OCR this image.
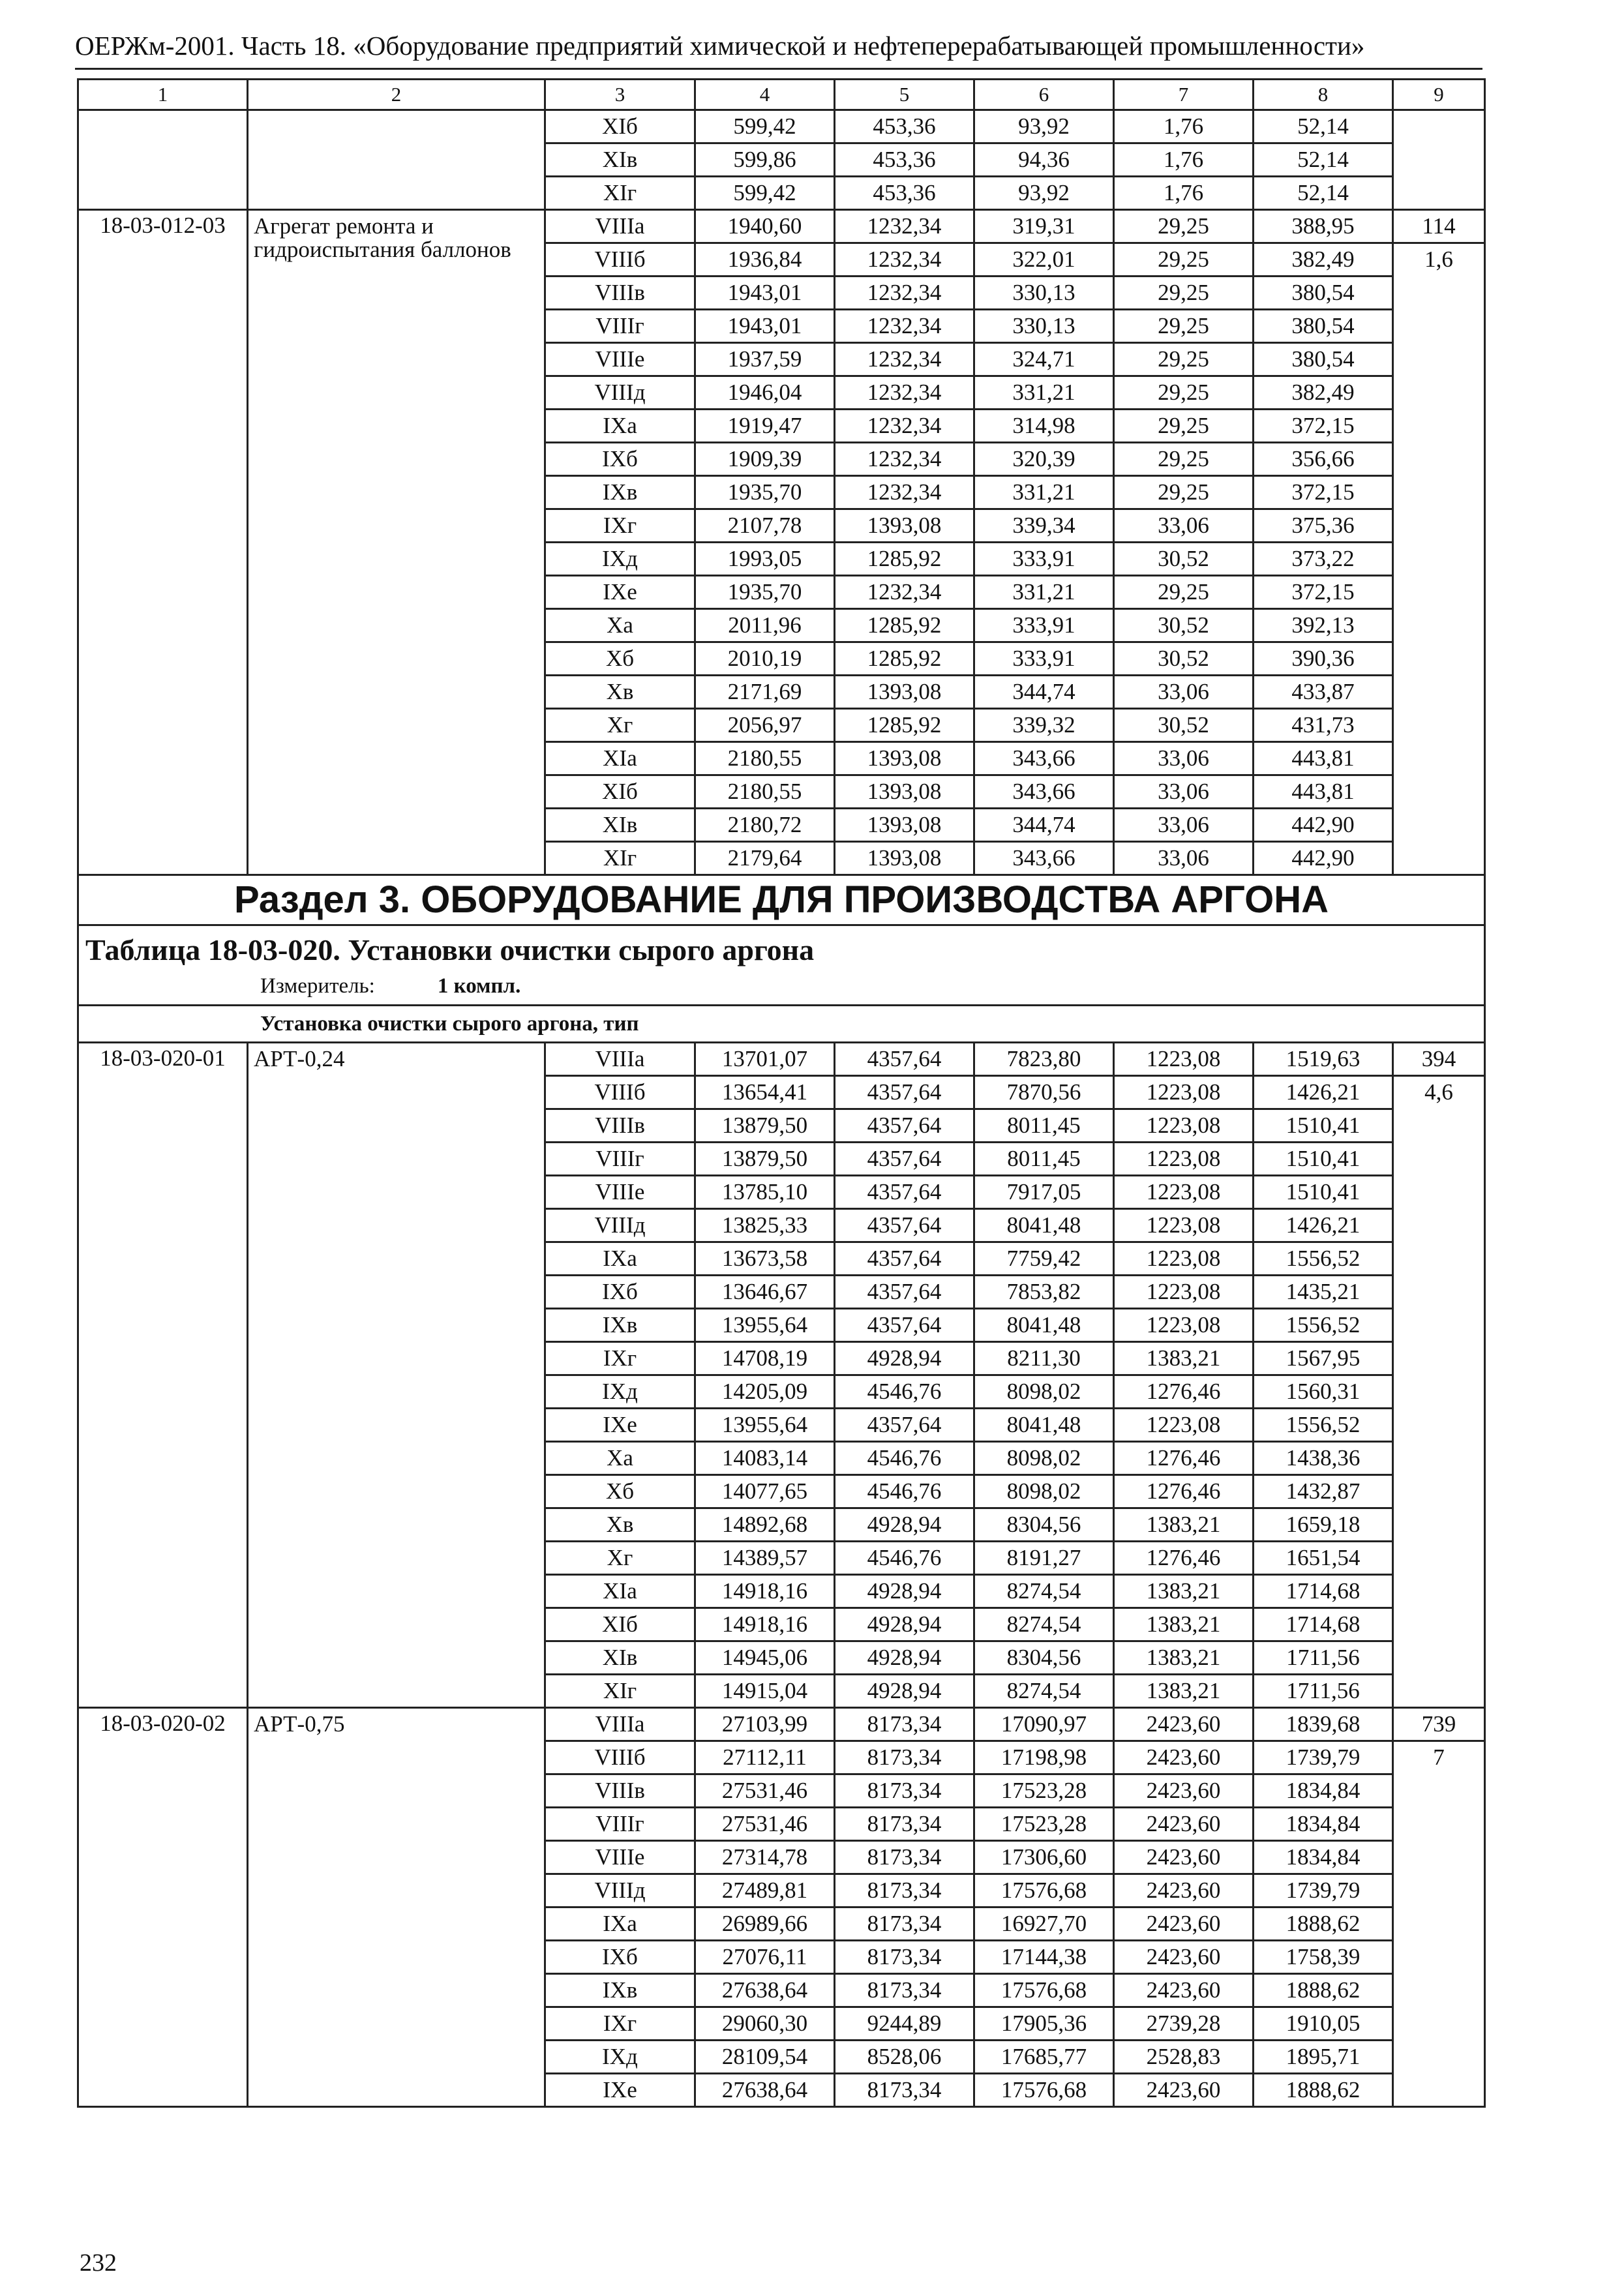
ОЕРЖм-2001. Часть 18. «Оборудование предприятий химической и нефтеперерабатывающей промышленности»
1	2	3	4	5	6	7	8	9
		XIб	599,42	453,36	93,92	1,76	52,14	
		XIв	599,86	453,36	94,36	1,76	52,14	
		XIг	599,42	453,36	93,92	1,76	52,14	
18-03-012-03	Агрегат ремонта и гидроиспытания баллонов	VIIIа	1940,60	1232,34	319,31	29,25	388,95	114
		VIIIб	1936,84	1232,34	322,01	29,25	382,49	1,6
		VIIIв	1943,01	1232,34	330,13	29,25	380,54	
		VIIIг	1943,01	1232,34	330,13	29,25	380,54	
		VIIIе	1937,59	1232,34	324,71	29,25	380,54	
		VIIIд	1946,04	1232,34	331,21	29,25	382,49	
		IXа	1919,47	1232,34	314,98	29,25	372,15	
		IXб	1909,39	1232,34	320,39	29,25	356,66	
		IXв	1935,70	1232,34	331,21	29,25	372,15	
		IXг	2107,78	1393,08	339,34	33,06	375,36	
		IXд	1993,05	1285,92	333,91	30,52	373,22	
		IXе	1935,70	1232,34	331,21	29,25	372,15	
		Xа	2011,96	1285,92	333,91	30,52	392,13	
		Xб	2010,19	1285,92	333,91	30,52	390,36	
		Xв	2171,69	1393,08	344,74	33,06	433,87	
		Xг	2056,97	1285,92	339,32	30,52	431,73	
		XIа	2180,55	1393,08	343,66	33,06	443,81	
		XIб	2180,55	1393,08	343,66	33,06	443,81	
		XIв	2180,72	1393,08	344,74	33,06	442,90	
		XIг	2179,64	1393,08	343,66	33,06	442,90	
Раздел 3. ОБОРУДОВАНИЕ ДЛЯ ПРОИЗВОДСТВА АРГОНА								

Таблица 18-03-020. Установки очистки сырого аргона
Измеритель: 1 компл.								

Установка очистки сырого аргона, тип								
18-03-020-01	АРТ-0,24	VIIIа	13701,07	4357,64	7823,80	1223,08	1519,63	394
		VIIIб	13654,41	4357,64	7870,56	1223,08	1426,21	4,6
		VIIIв	13879,50	4357,64	8011,45	1223,08	1510,41	
		VIIIг	13879,50	4357,64	8011,45	1223,08	1510,41	
		VIIIе	13785,10	4357,64	7917,05	1223,08	1510,41	
		VIIIд	13825,33	4357,64	8041,48	1223,08	1426,21	
		IXа	13673,58	4357,64	7759,42	1223,08	1556,52	
		IXб	13646,67	4357,64	7853,82	1223,08	1435,21	
		IXв	13955,64	4357,64	8041,48	1223,08	1556,52	
		IXг	14708,19	4928,94	8211,30	1383,21	1567,95	
		IXд	14205,09	4546,76	8098,02	1276,46	1560,31	
		IXе	13955,64	4357,64	8041,48	1223,08	1556,52	
		Xа	14083,14	4546,76	8098,02	1276,46	1438,36	
		Xб	14077,65	4546,76	8098,02	1276,46	1432,87	
		Xв	14892,68	4928,94	8304,56	1383,21	1659,18	
		Xг	14389,57	4546,76	8191,27	1276,46	1651,54	
		XIа	14918,16	4928,94	8274,54	1383,21	1714,68	
		XIб	14918,16	4928,94	8274,54	1383,21	1714,68	
		XIв	14945,06	4928,94	8304,56	1383,21	1711,56	
		XIг	14915,04	4928,94	8274,54	1383,21	1711,56	
18-03-020-02	АРТ-0,75	VIIIа	27103,99	8173,34	17090,97	2423,60	1839,68	739
		VIIIб	27112,11	8173,34	17198,98	2423,60	1739,79	7
		VIIIв	27531,46	8173,34	17523,28	2423,60	1834,84	
		VIIIг	27531,46	8173,34	17523,28	2423,60	1834,84	
		VIIIе	27314,78	8173,34	17306,60	2423,60	1834,84	
		VIIIд	27489,81	8173,34	17576,68	2423,60	1739,79	
		IXа	26989,66	8173,34	16927,70	2423,60	1888,62	
		IXб	27076,11	8173,34	17144,38	2423,60	1758,39	
		IXв	27638,64	8173,34	17576,68	2423,60	1888,62	
		IXг	29060,30	9244,89	17905,36	2739,28	1910,05	
		IXд	28109,54	8528,06	17685,77	2528,83	1895,71	
		IXе	27638,64	8173,34	17576,68	2423,60	1888,62	
232
